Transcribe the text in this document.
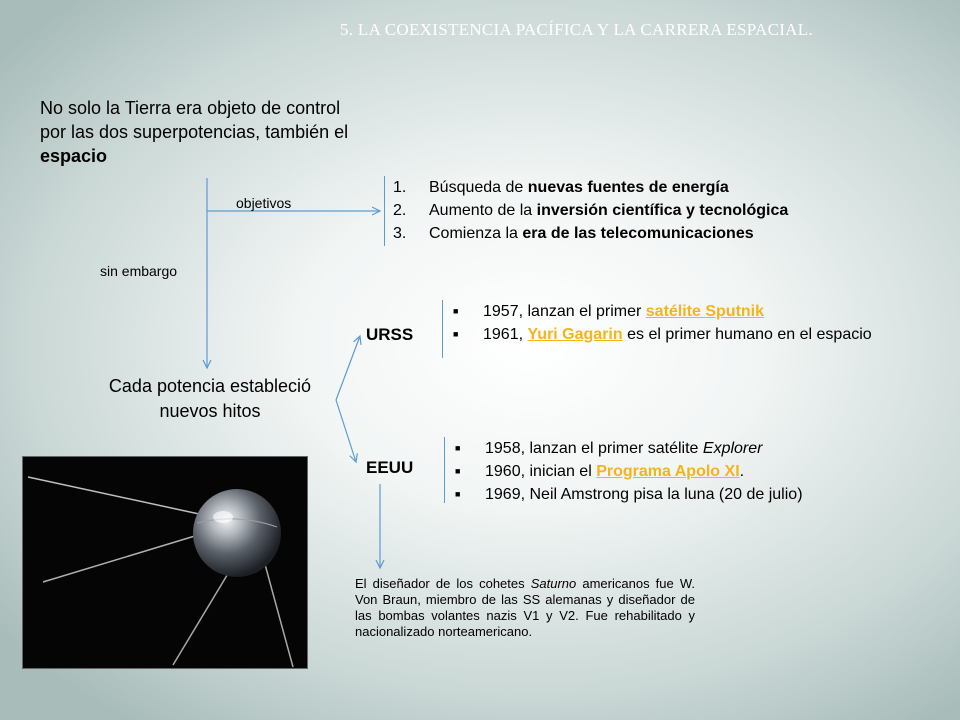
5. LA COEXISTENCIA PACÍFICA Y LA CARRERA ESPACIAL.
No solo la Tierra era objeto de control por las dos superpotencias, también el espacio
objetivos
sin embargo
1. Búsqueda de nuevas fuentes de energía
2. Aumento de la inversión científica y tecnológica
3. Comienza la era de las telecomunicaciones
URSS
■ 1957, lanzan el primer satélite Sputnik
■ 1961, Yuri Gagarin es el primer humano en el espacio
Cada potencia estableció nuevos hitos
EEUU
■ 1958, lanzan el primer satélite Explorer
■ 1960, inician el Programa Apolo XI.
■ 1969, Neil Amstrong pisa la luna (20 de julio)
El diseñador de los cohetes Saturno americanos fue W. Von Braun, miembro de las SS alemanas y diseñador de las bombas volantes nazis V1 y V2. Fue rehabilitado y nacionalizado norteamericano.
